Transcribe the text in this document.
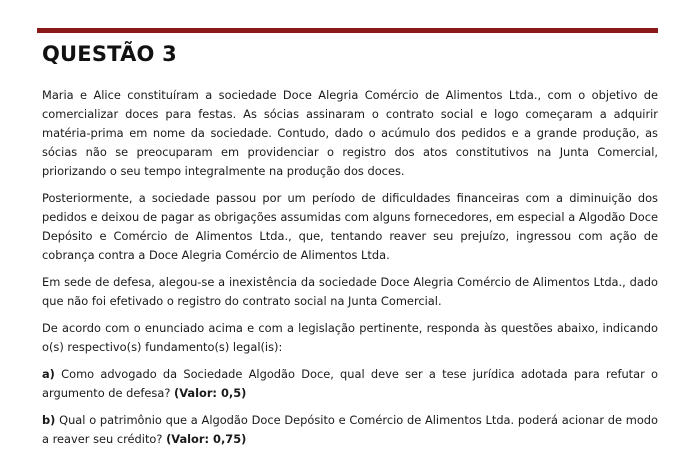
QUESTÃO 3

Maria e Alice constituíram a sociedade Doce Alegria Comércio de Alimentos Ltda., com o objetivo de comercializar doces para festas. As sócias assinaram o contrato social e logo começaram a adquirir matéria-prima em nome da sociedade. Contudo, dado o acúmulo dos pedidos e a grande produção, as sócias não se preocuparam em providenciar o registro dos atos constitutivos na Junta Comercial, priorizando o seu tempo integralmente na produção dos doces.

Posteriormente, a sociedade passou por um período de dificuldades financeiras com a diminuição dos pedidos e deixou de pagar as obrigações assumidas com alguns fornecedores, em especial a Algodão Doce Depósito e Comércio de Alimentos Ltda., que, tentando reaver seu prejuízo, ingressou com ação de cobrança contra a Doce Alegria Comércio de Alimentos Ltda.

Em sede de defesa, alegou-se a inexistência da sociedade Doce Alegria Comércio de Alimentos Ltda., dado que não foi efetivado o registro do contrato social na Junta Comercial.

De acordo com o enunciado acima e com a legislação pertinente, responda às questões abaixo, indicando o(s) respectivo(s) fundamento(s) legal(is):

a) Como advogado da Sociedade Algodão Doce, qual deve ser a tese jurídica adotada para refutar o argumento de defesa? (Valor: 0,5)

b) Qual o patrimônio que a Algodão Doce Depósito e Comércio de Alimentos Ltda. poderá acionar de modo a reaver seu crédito? (Valor: 0,75)
